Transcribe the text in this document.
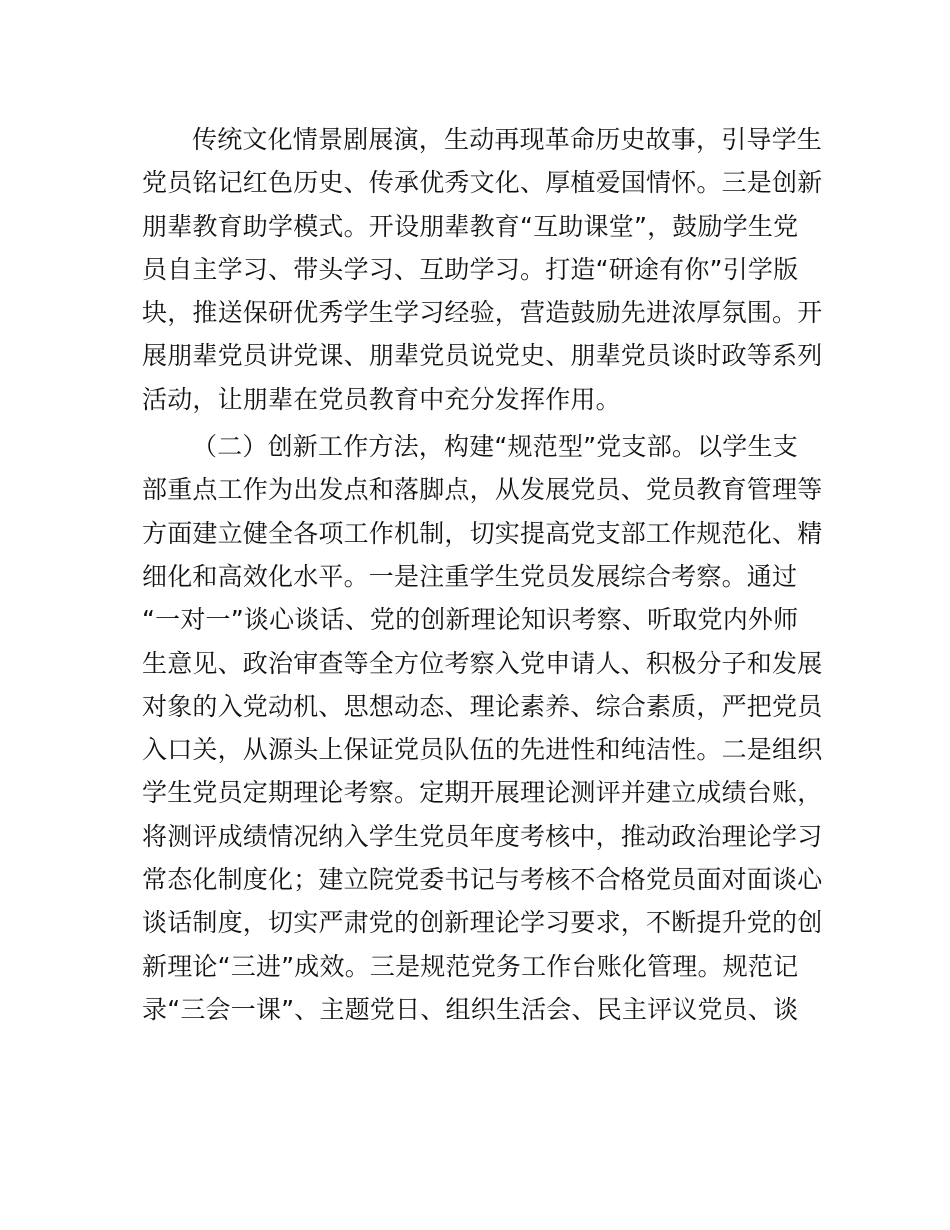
传统文化情景剧展演，生动再现革命历史故事，引导学生
党员铭记红色历史、传承优秀文化、厚植爱国情怀。三是创新
朋辈教育助学模式。开设朋辈教育“互助课堂”，鼓励学生党
员自主学习、带头学习、互助学习。打造“研途有你”引学版
块，推送保研优秀学生学习经验，营造鼓励先进浓厚氛围。开
展朋辈党员讲党课、朋辈党员说党史、朋辈党员谈时政等系列
活动，让朋辈在党员教育中充分发挥作用。
（二）创新工作方法，构建“规范型”党支部。以学生支
部重点工作为出发点和落脚点，从发展党员、党员教育管理等
方面建立健全各项工作机制，切实提高党支部工作规范化、精
细化和高效化水平。一是注重学生党员发展综合考察。通过
“一对一”谈心谈话、党的创新理论知识考察、听取党内外师
生意见、政治审查等全方位考察入党申请人、积极分子和发展
对象的入党动机、思想动态、理论素养、综合素质，严把党员
入口关，从源头上保证党员队伍的先进性和纯洁性。二是组织
学生党员定期理论考察。定期开展理论测评并建立成绩台账，
将测评成绩情况纳入学生党员年度考核中，推动政治理论学习
常态化制度化；建立院党委书记与考核不合格党员面对面谈心
谈话制度，切实严肃党的创新理论学习要求，不断提升党的创
新理论“三进”成效。三是规范党务工作台账化管理。规范记
录“三会一课”、主题党日、组织生活会、民主评议党员、谈
